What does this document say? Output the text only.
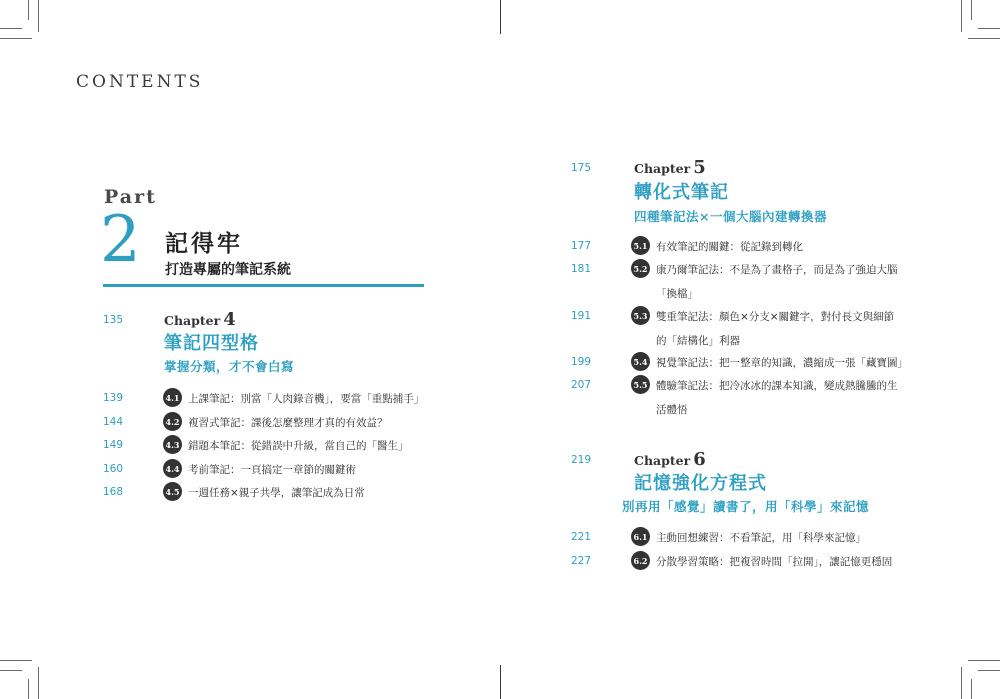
CONTENTS
Part
2 記得牢
打造專屬的筆記系統
135	Chapter 4
筆記四型格
掌握分類，才不會白寫
139	4.1 上課筆記：別當「人肉錄音機」，要當「重點捕手」
144	4.2 複習式筆記：課後怎麼整理才真的有效益？
149	4.3 錯題本筆記：從錯誤中升級，當自己的「醫生」
160	4.4 考前筆記：一頁搞定一章節的關鍵術
168	4.5 一週任務×親子共學，讓筆記成為日常
175	Chapter 5
轉化式筆記
四種筆記法×一個大腦內建轉換器
177	5.1 有效筆記的關鍵：從記錄到轉化
181	5.2 康乃爾筆記法：不是為了畫格子，而是為了強迫大腦
「換檔」
191	5.3 雙重筆記法：顏色×分支×關鍵字，對付長文與細節
的「結構化」利器
199	5.4 視覺筆記法：把一整章的知識，濃縮成一張「藏寶圖」
207	5.5 體驗筆記法：把冷冰冰的課本知識，變成熱騰騰的生
活體悟
219	Chapter 6
記憶強化方程式
別再用「感覺」讀書了，用「科學」來記憶
221	6.1 主動回想練習：不看筆記，用「科學來記憶」
227	6.2 分散學習策略：把複習時間「拉開」，讓記憶更穩固
